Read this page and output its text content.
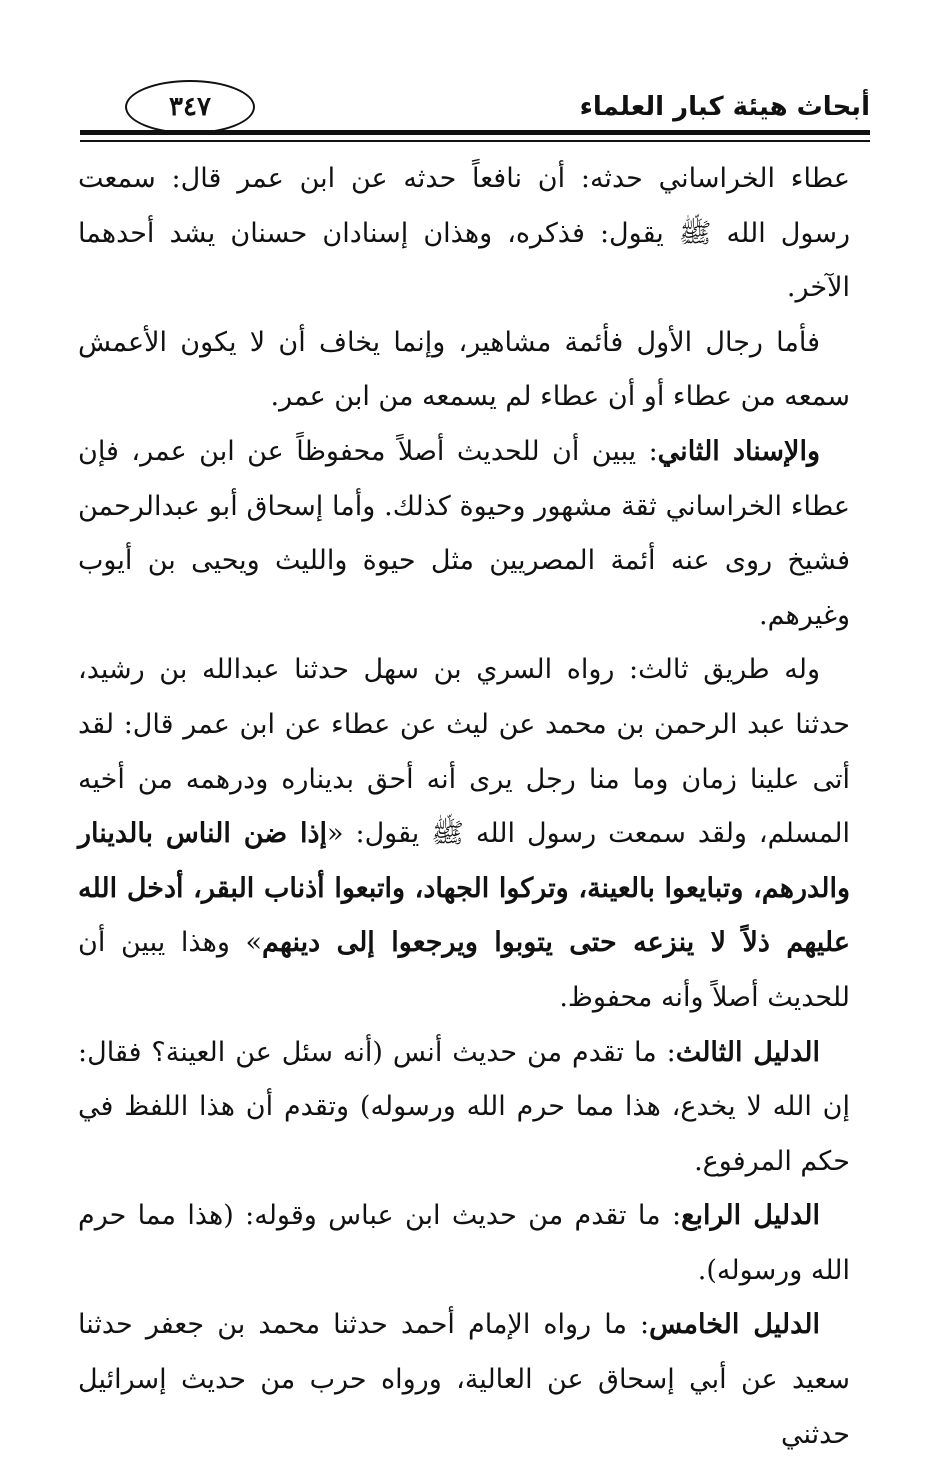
أبحاث هيئة كبار العلماء
٣٤٧

عطاء الخراساني حدثه: أن نافعاً حدثه عن ابن عمر قال: سمعت رسول الله ﷺ يقول: فذكره، وهذان إسنادان حسنان يشد أحدهما الآخر.

فأما رجال الأول فأئمة مشاهير، وإنما يخاف أن لا يكون الأعمش سمعه من عطاء أو أن عطاء لم يسمعه من ابن عمر.

والإسناد الثاني: يبين أن للحديث أصلاً محفوظاً عن ابن عمر، فإن عطاء الخراساني ثقة مشهور وحيوة كذلك. وأما إسحاق أبو عبدالرحمن فشيخ روى عنه أئمة المصريين مثل حيوة والليث ويحيى بن أيوب وغيرهم.

وله طريق ثالث: رواه السري بن سهل حدثنا عبدالله بن رشيد، حدثنا عبد الرحمن بن محمد عن ليث عن عطاء عن ابن عمر قال: لقد أتى علينا زمان وما منا رجل يرى أنه أحق بديناره ودرهمه من أخيه المسلم، ولقد سمعت رسول الله ﷺ يقول: «إذا ضن الناس بالدينار والدرهم، وتبايعوا بالعينة، وتركوا الجهاد، واتبعوا أذناب البقر، أدخل الله عليهم ذلاً لا ينزعه حتى يتوبوا ويرجعوا إلى دينهم» وهذا يبين أن للحديث أصلاً وأنه محفوظ.

الدليل الثالث: ما تقدم من حديث أنس (أنه سئل عن العينة؟ فقال: إن الله لا يخدع، هذا مما حرم الله ورسوله) وتقدم أن هذا اللفظ في حكم المرفوع.

الدليل الرابع: ما تقدم من حديث ابن عباس وقوله: (هذا مما حرم الله ورسوله).

الدليل الخامس: ما رواه الإمام أحمد حدثنا محمد بن جعفر حدثنا سعيد عن أبي إسحاق عن العالية، ورواه حرب من حديث إسرائيل حدثني
